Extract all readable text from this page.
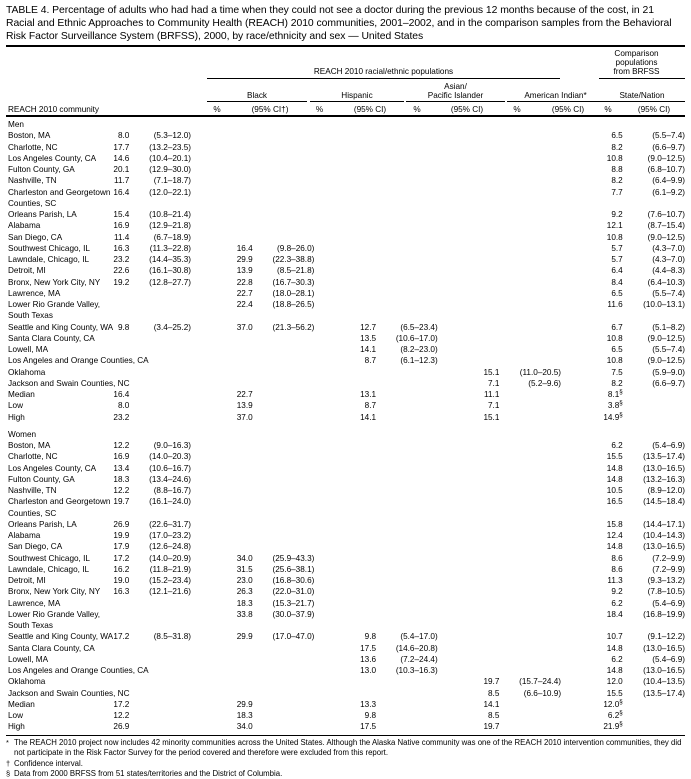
TABLE 4. Percentage of adults who had had a time when they could not see a doctor during the previous 12 months because of the cost, in 21 Racial and Ethnic Approaches to Community Health (REACH) 2010 communities, 2001–2002, and in the comparison samples from the Behavioral Risk Factor Surveillance System (BRFSS), 2000, by race/ethnicity and sex — United States
Comparison
populations
from BRFSS
REACH 2010 racial/ethnic populations
Black	Hispanic
Asian/
Pacific Islander	American Indian*	State/Nation
REACH 2010 community	%	(95% CI†)	%	(95% CI)	%	(95% CI)	%	(95% CI)	%	(95% CI)
Men										
Boston, MA	8.0	(5.3–12.0)							6.5	(5.5–7.4)
Charlotte, NC	17.7	(13.2–23.5)							8.2	(6.6–9.7)
Los Angeles County, CA	14.6	(10.4–20.1)							10.8	(9.0–12.5)
Fulton County, GA	20.1	(12.9–30.0)							8.8	(6.8–10.7)
Nashville, TN	11.7	(7.1–18.7)							8.2	(6.4–9.9)
Charleston and Georgetown	16.4	(12.0–22.1)							7.7	(6.1–9.2)
Counties, SC										
Orleans Parish, LA	15.4	(10.8–21.4)							9.2	(7.6–10.7)
Alabama	16.9	(12.9–21.8)							12.1	(8.7–15.4)
San Diego, CA	11.4	(6.7–18.9)							10.8	(9.0–12.5)
Southwest Chicago, IL	16.3	(11.3–22.8)	16.4	(9.8–26.0)					5.7	(4.3–7.0)
Lawndale, Chicago, IL	23.2	(14.4–35.3)	29.9	(22.3–38.8)					5.7	(4.3–7.0)
Detroit, MI	22.6	(16.1–30.8)	13.9	(8.5–21.8)					6.4	(4.4–8.3)
Bronx, New York City, NY	19.2	(12.8–27.7)	22.8	(16.7–30.3)					8.4	(6.4–10.3)
Lawrence, MA			22.7	(18.0–28.1)					6.5	(5.5–7.4)
Lower Rio Grande Valley,			22.4	(18.8–26.5)					11.6	(10.0–13.1)
South Texas										
Seattle and King County, WA	9.8	(3.4–25.2)	37.0	(21.3–56.2)	12.7	(6.5–23.4)			6.7	(5.1–8.2)
Santa Clara County, CA					13.5	(10.6–17.0)			10.8	(9.0–12.5)
Lowell, MA					14.1	(8.2–23.0)			6.5	(5.5–7.4)
Los Angeles and Orange Counties, CA					8.7	(6.1–12.3)			10.8	(9.0–12.5)
Oklahoma							15.1	(11.0–20.5)	7.5	(5.9–9.0)
Jackson and Swain Counties, NC							7.1	(5.2–9.6)	8.2	(6.6–9.7)
Median	16.4		22.7		13.1		11.1		8.1§	
Low	8.0		13.9		8.7		7.1		3.8§	
High	23.2		37.0		14.1		15.1		14.9§	

Women										
Boston, MA	12.2	(9.0–16.3)							6.2	(5.4–6.9)
Charlotte, NC	16.9	(14.0–20.3)							15.5	(13.5–17.4)
Los Angeles County, CA	13.4	(10.6–16.7)							14.8	(13.0–16.5)
Fulton County, GA	18.3	(13.4–24.6)							14.8	(13.2–16.3)
Nashville, TN	12.2	(8.8–16.7)							10.5	(8.9–12.0)
Charleston and Georgetown	19.7	(16.1–24.0)							16.5	(14.5–18.4)
Counties, SC										
Orleans Parish, LA	26.9	(22.6–31.7)							15.8	(14.4–17.1)
Alabama	19.9	(17.0–23.2)							12.4	(10.4–14.3)
San Diego, CA	17.9	(12.6–24.8)							14.8	(13.0–16.5)
Southwest Chicago, IL	17.2	(14.0–20.9)	34.0	(25.9–43.3)					8.6	(7.2–9.9)
Lawndale, Chicago, IL	16.2	(11.8–21.9)	31.5	(25.6–38.1)					8.6	(7.2–9.9)
Detroit, MI	19.0	(15.2–23.4)	23.0	(16.8–30.6)					11.3	(9.3–13.2)
Bronx, New York City, NY	16.3	(12.1–21.6)	26.3	(22.0–31.0)					9.2	(7.8–10.5)
Lawrence, MA			18.3	(15.3–21.7)					6.2	(5.4–6.9)
Lower Rio Grande Valley,			33.8	(30.0–37.9)					18.4	(16.8–19.9)
South Texas										
Seattle and King County, WA	17.2	(8.5–31.8)	29.9	(17.0–47.0)	9.8	(5.4–17.0)			10.7	(9.1–12.2)
Santa Clara County, CA					17.5	(14.6–20.8)			14.8	(13.0–16.5)
Lowell, MA					13.6	(7.2–24.4)			6.2	(5.4–6.9)
Los Angeles and Orange Counties, CA					13.0	(10.3–16.3)			14.8	(13.0–16.5)
Oklahoma							19.7	(15.7–24.4)	12.0	(10.4–13.5)
Jackson and Swain Counties, NC							8.5	(6.6–10.9)	15.5	(13.5–17.4)
Median	17.2		29.9		13.3		14.1		12.0§	
Low	12.2		18.3		9.8		8.5		6.2§	
High	26.9		34.0		17.5		19.7		21.9§	
* The REACH 2010 project now includes 42 minority communities across the United States. Although the Alaska Native community was one of the REACH 2010 intervention communities, they did not participate in the Risk Factor Survey for the period covered and therefore were excluded from this report.
† Confidence interval.
§ Data from 2000 BRFSS from 51 states/territories and the District of Columbia.
